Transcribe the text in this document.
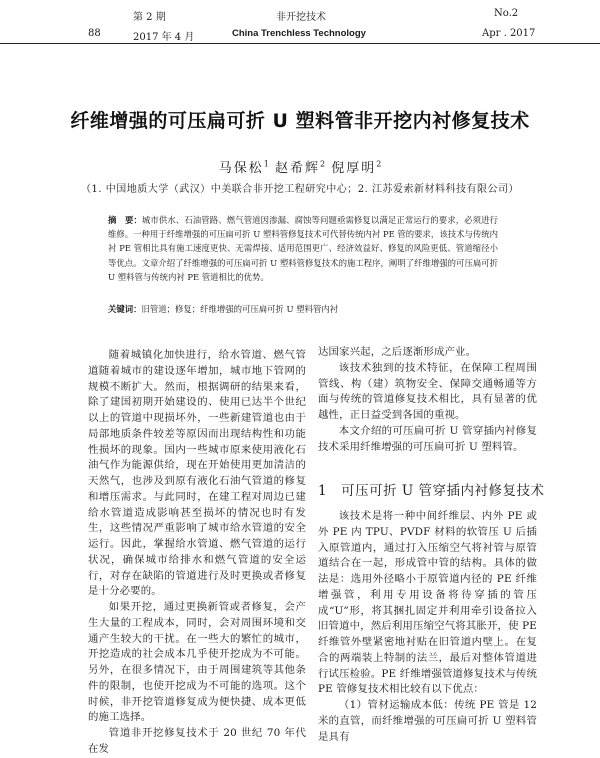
第 2 期
88	2017 年 4 月
非开挖技术
China Trenchless Technology
No.2
Apr . 2017
纤维增强的可压扁可折 U 塑料管非开挖内衬修复技术
马保松$^1$ 赵希辉$^2$ 倪厚明$^2$
（1. 中国地质大学（武汉）中美联合非开挖工程研究中心；2. 江苏爱索新材料科技有限公司）
摘　要：城市供水、石油管路、燃气管道因渗漏、腐蚀等问题亟需修复以满足正常运行的要求，必须进行维修。一种用于纤维增强的可压扁可折 U 塑料管修复技术可代替传统内衬 PE 管的要求，该技术与传统内衬 PE 管相比具有施工速度更快、无需焊接、适用范围更广、经济效益好、修复的风险更低、管道缩径小等优点。文章介绍了纤维增强的可压扁可折 U 塑料管修复技术的施工程序，阐明了纤维增强的可压扁可折 U 塑料管与传统内衬 PE 管道相比的优势。
关键词：旧管道；修复；纤维增强的可压扁可折 U 塑料管内衬

随着城镇化加快进行，给水管道、燃气管道随着城市的建设逐年增加，城市地下管网的规模不断扩大。然而，根据调研的结果来看，除了建国初期开始建设的、使用已达半个世纪以上的管道中现损坏外，一些新建管道也由于局部地质条件较差等原因而出现结构性和功能性损坏的现象。国内一些城市原来使用液化石油气作为能源供给，现在开始使用更加清洁的天然气，也涉及到原有液化石油气管道的修复和增压需求。与此同时，在建工程对周边已建给水管道造成影响甚至损坏的情况也时有发生，这些情况严重影响了城市给水管道的安全运行。因此，掌握给水管道、燃气管道的运行状况，确保城市给排水和燃气管道的安全运行，对存在缺陷的管道进行及时更换或者修复是十分必要的。

如果开挖，通过更换新管或者修复，会产生大量的工程成本，同时，会对周围环境和交通产生较大的干扰。在一些大的繁忙的城市，开挖造成的社会成本几乎使开挖成为不可能。另外，在很多情况下，由于周围建筑等其他条件的限制，也使开挖成为不可能的选项。这个时候，非开挖管道修复成为便快捷、成本更低的施工选择。

管道非开挖修复技术于 20 世纪 70 年代在发

达国家兴起，之后逐渐形成产业。

该技术独到的技术特征，在保障工程周围管线、构（建）筑物安全、保障交通畅通等方面与传统的管道修复技术相比，具有显著的优越性，正日益受到各国的重视。

本文介绍的可压扁可折 U 管穿插内衬修复技术采用纤维增强的可压扁可折 U 塑料管。

1　可压可折 U 管穿插内衬修复技术

该技术是将一种中间纤维层、内外 PE 或外 PE 内 TPU、PVDF 材料的软管压 U 后插入原管道内，通过打入压缩空气将衬管与原管道结合在一起，形成管中管的结构。具体的做法是：选用外径略小于原管道内径的 PE 纤维增强管，利用专用设备将待穿插的管压成“U”形，将其捆扎固定并利用牵引设备拉入旧管道中，然后利用压缩空气将其胀开，使 PE 纤维管外壁紧密地衬贴在旧管道内壁上。在复合的两端装上特制的法兰，最后对整体管道进行试压检验。PE 纤维增强管道修复技术与传统 PE 管修复技术相比较有以下优点：

（1）管材运输成本低：传统 PE 管是 12 米的直管，而纤维增强的可压扁可折 U 塑料管是具有
